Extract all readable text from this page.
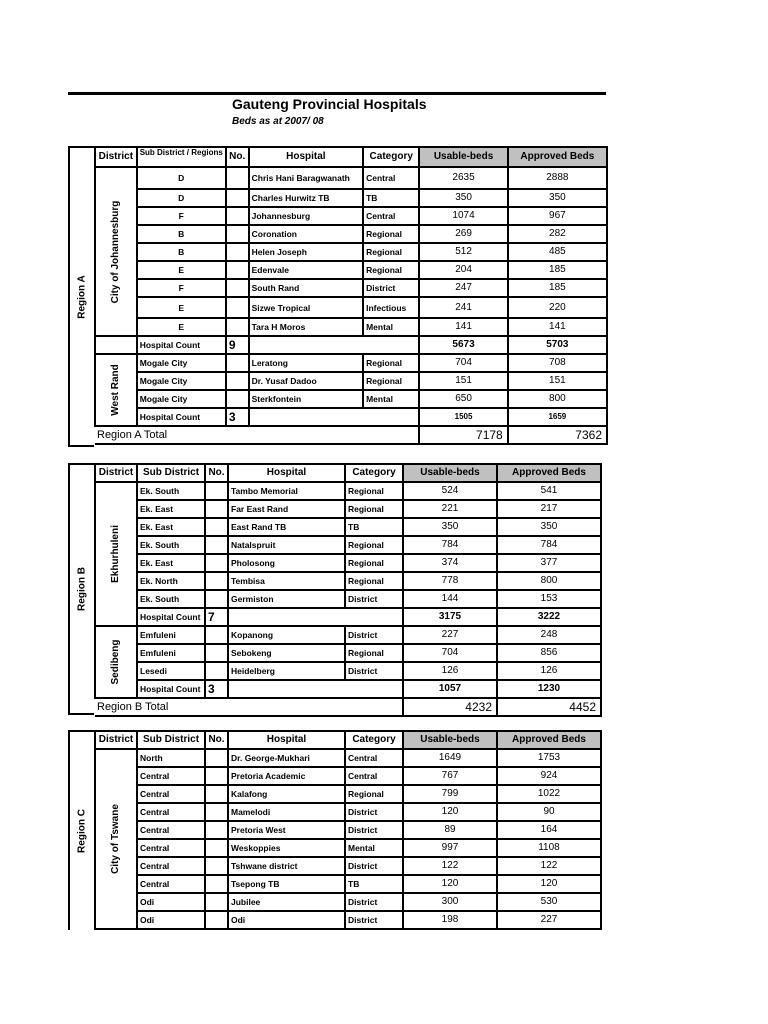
Gauteng Provincial Hospitals
Beds as at 2007/ 08
Region A
District	Sub District / Regions	No.	Hospital	Category	Usable-beds	Approved Beds

City of Johannesburg	D		Chris Hani Baragwanath	Central	2635	2888
	D		Charles Hurwitz TB	TB	350	350
	F		Johannesburg	Central	1074	967
	B		Coronation	Regional	269	282
	B		Helen Joseph	Regional	512	485
	E		Edenvale	Regional	204	185
	F		South Rand	District	247	185
	E		Sizwe Tropical	Infectious	241	220
	E		Tara H Moros	Mental	141	141
	Hospital Count	9			5673	5703

West Rand	Mogale City		Leratong	Regional	704	708
	Mogale City		Dr. Yusaf Dadoo	Regional	151	151
	Mogale City		Sterkfontein	Mental	650	800
	Hospital Count	3			1505	1659
Region A Total					7178	7362
Region B
District	Sub District	No.	Hospital	Category	Usable-beds	Approved Beds

Ekhurhuleni	Ek. South		Tambo Memorial	Regional	524	541
	Ek. East		Far East Rand	Regional	221	217
	Ek. East		East Rand TB	TB	350	350
	Ek. South		Natalspruit	Regional	784	784
	Ek. East		Pholosong	Regional	374	377
	Ek. North		Tembisa	Regional	778	800
	Ek. South		Germiston	District	144	153
	Hospital Count	7			3175	3222

Sedibeng	Emfuleni		Kopanong	District	227	248
	Emfuleni		Sebokeng	Regional	704	856
	Lesedi		Heidelberg	District	126	126
	Hospital Count	3			1057	1230
Region B Total					4232	4452
Region C
District	Sub District	No.	Hospital	Category	Usable-beds	Approved Beds

City of Tswane	North		Dr. George-Mukhari	Central	1649	1753
	Central		Pretoria Academic	Central	767	924
	Central		Kalafong	Regional	799	1022
	Central		Mamelodi	District	120	90
	Central		Pretoria West	District	89	164
	Central		Weskoppies	Mental	997	1108
	Central		Tshwane district	District	122	122
	Central		Tsepong TB	TB	120	120
	Odi		Jubilee	District	300	530
	Odi		Odi	District	198	227
